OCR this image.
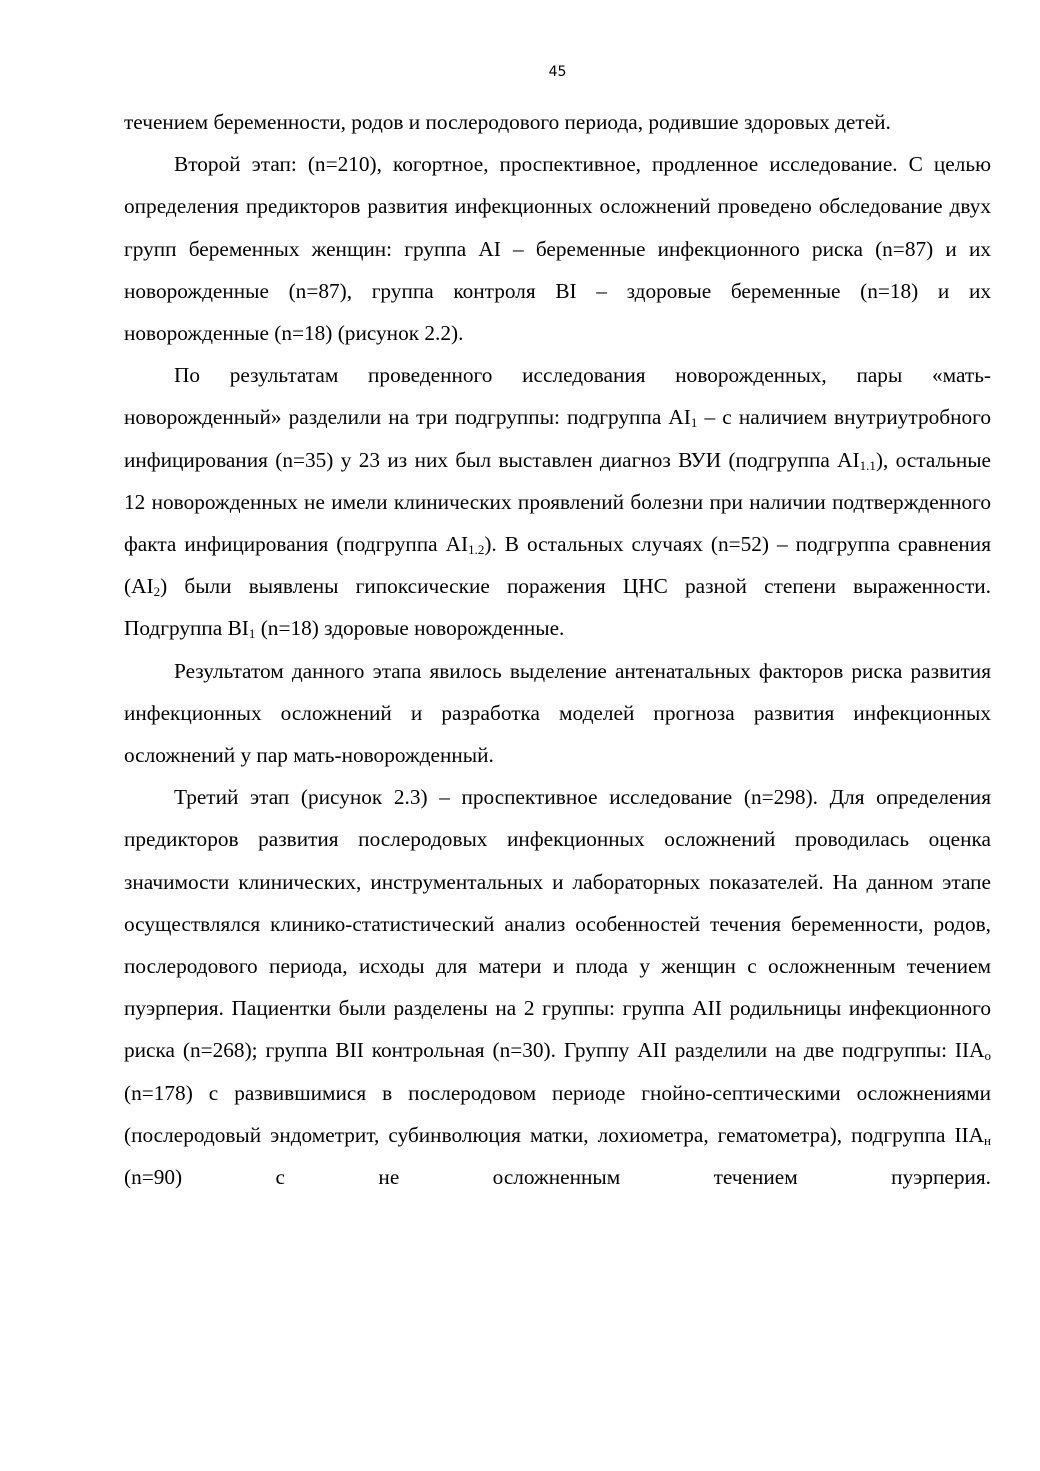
45

течением беременности, родов и послеродового периода, родившие здоровых детей.

Второй этап: (n=210), когортное, проспективное, продленное исследование. С целью определения предикторов развития инфекционных осложнений проведено обследование двух групп беременных женщин: группа AI – беременные инфекционного риска (n=87) и их новорожденные (n=87), группа контроля BI – здоровые беременные (n=18) и их новорожденные (n=18) (рисунок 2.2).

По результатам проведенного исследования новорожденных, пары «мать-новорожденный» разделили на три подгруппы: подгруппа $AI_1$ – с наличием внутриутробного инфицирования (n=35) у 23 из них был выставлен диагноз ВУИ (подгруппа $AI_{1.1}$), остальные 12 новорожденных не имели клинических проявлений болезни при наличии подтвержденного факта инфицирования (подгруппа $AI_{1.2}$). В остальных случаях (n=52) – подгруппа сравнения $(AI_2)$ были выявлены гипоксические поражения ЦНС разной степени выраженности. Подгруппа $BI_1$ (n=18) здоровые новорожденные.

Результатом данного этапа явилось выделение антенатальных факторов риска развития инфекционных осложнений и разработка моделей прогноза развития инфекционных осложнений у пар мать-новорожденный.

Третий этап (рисунок 2.3) – проспективное исследование (n=298). Для определения предикторов развития послеродовых инфекционных осложнений проводилась оценка значимости клинических, инструментальных и лабораторных показателей. На данном этапе осуществлялся клинико-статистический анализ особенностей течения беременности, родов, послеродового периода, исходы для матери и плода у женщин с осложненным течением пуэрперия. Пациентки были разделены на 2 группы: группа AII родильницы инфекционного риска (n=268); группа BII контрольная (n=30). Группу AII разделили на две подгруппы: $IIA_о$ (n=178) с развившимися в послеродовом периоде гнойно-септическими осложнениями (послеродовый эндометрит, субинволюция матки, лохиометра, гематометра), подгруппа $IIA_н$ (n=90) с не осложненным течением пуэрперия.
